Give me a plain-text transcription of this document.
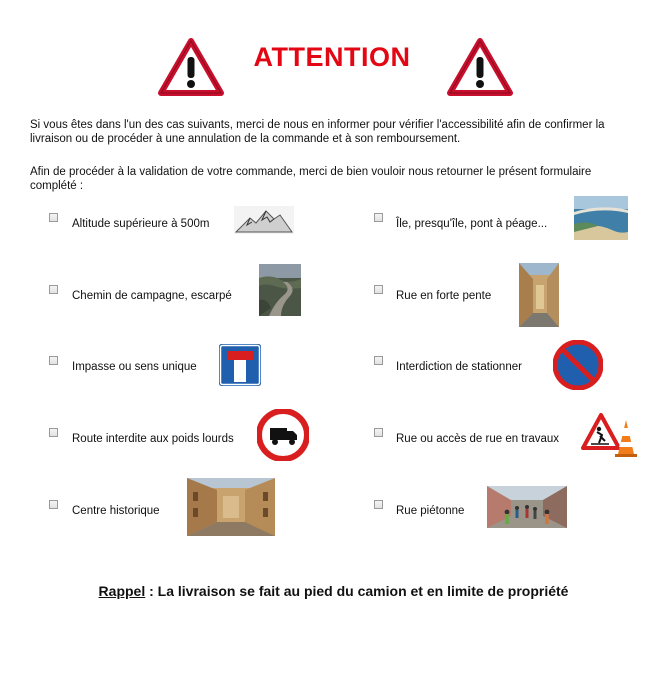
ATTENTION
Si vous êtes dans l'un des cas suivants, merci de nous en informer pour vérifier l'accessibilité afin de confirmer la livraison ou de procéder à une annulation de la commande et à son remboursement.
Afin de procéder à la validation de votre commande, merci de bien vouloir nous retourner le présent formulaire complété :
Altitude supérieure à 500m
Chemin de campagne, escarpé
Impasse ou sens unique
Route interdite aux poids lourds
Centre historique
Île, presqu'île, pont à péage...
Rue en forte pente
Interdiction de stationner
Rue ou accès de rue en travaux
Rue piétonne
Rappel : La livraison se fait au pied du camion et en limite de propriété
